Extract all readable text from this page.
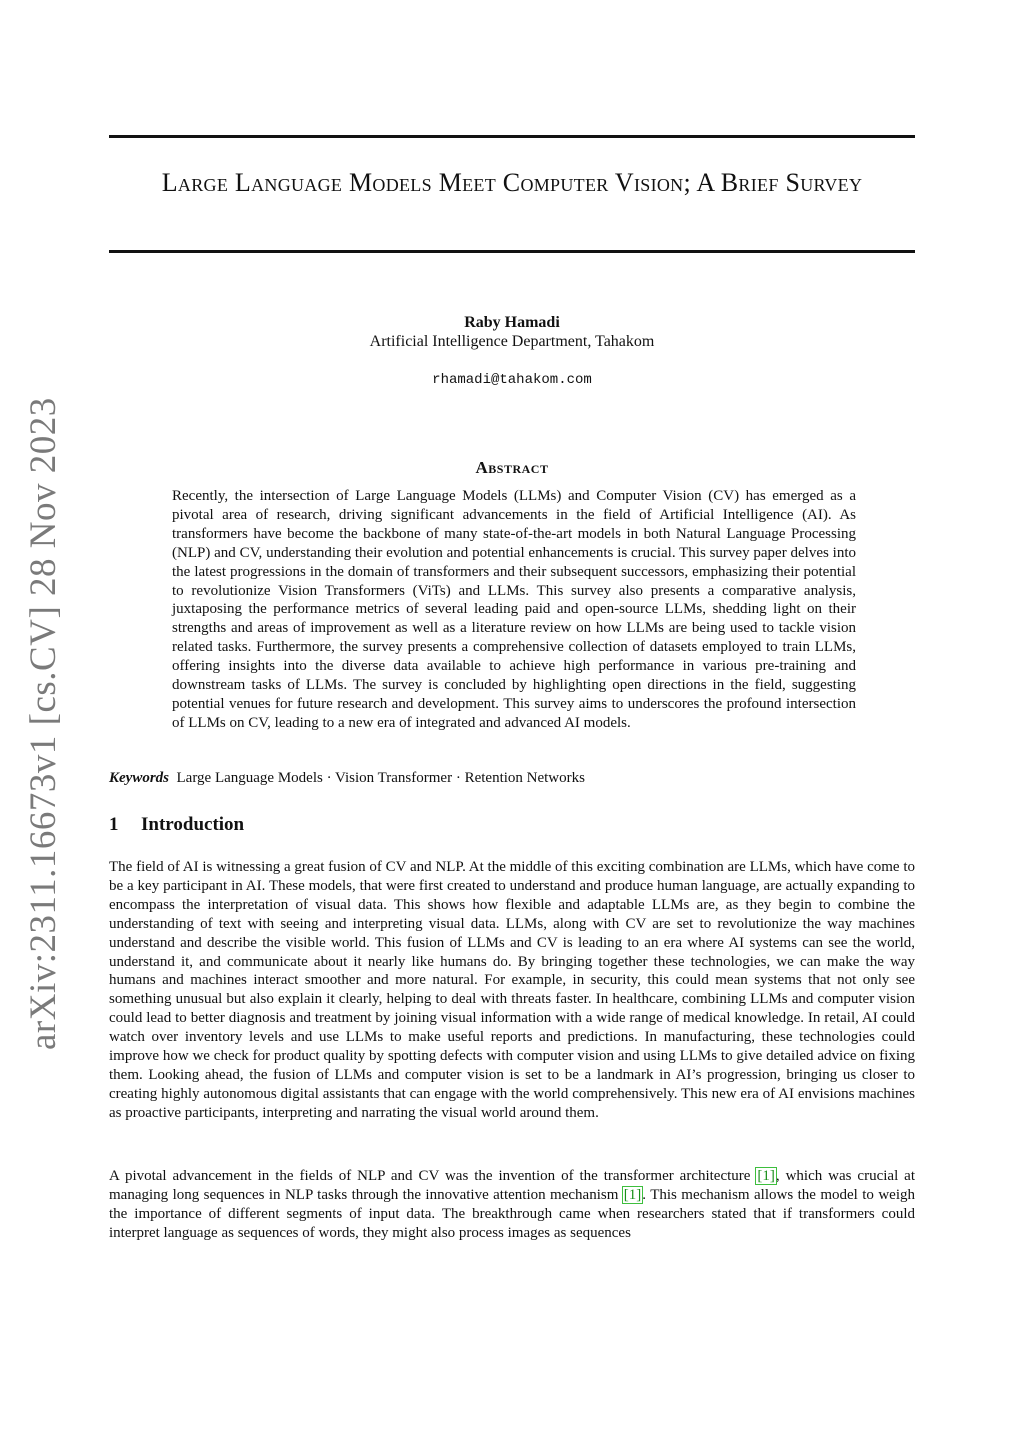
Large Language Models Meet Computer Vision; A Brief Survey
Raby Hamadi
Artificial Intelligence Department, Tahakom
rhamadi@tahakom.com
Abstract

Recently, the intersection of Large Language Models (LLMs) and Computer Vision (CV) has emerged as a pivotal area of research, driving significant advancements in the field of Artificial Intelligence (AI). As transformers have become the backbone of many state-of-the-art models in both Natural Language Processing (NLP) and CV, understanding their evolution and potential enhancements is crucial. This survey paper delves into the latest progressions in the domain of transformers and their subsequent successors, emphasizing their potential to revolutionize Vision Transformers (ViTs) and LLMs. This survey also presents a comparative analysis, juxtaposing the performance metrics of several leading paid and open-source LLMs, shedding light on their strengths and areas of improvement as well as a literature review on how LLMs are being used to tackle vision related tasks. Furthermore, the survey presents a comprehensive collection of datasets employed to train LLMs, offering insights into the diverse data available to achieve high performance in various pre-training and downstream tasks of LLMs. The survey is concluded by highlighting open directions in the field, suggesting potential venues for future research and development. This survey aims to underscores the profound intersection of LLMs on CV, leading to a new era of integrated and advanced AI models.

Keywords Large Language Models · Vision Transformer · Retention Networks
1 Introduction

The field of AI is witnessing a great fusion of CV and NLP. At the middle of this exciting combination are LLMs, which have come to be a key participant in AI. These models, that were first created to understand and produce human language, are actually expanding to encompass the interpretation of visual data. This shows how flexible and adaptable LLMs are, as they begin to combine the understanding of text with seeing and interpreting visual data. LLMs, along with CV are set to revolutionize the way machines understand and describe the visible world. This fusion of LLMs and CV is leading to an era where AI systems can see the world, understand it, and communicate about it nearly like humans do. By bringing together these technologies, we can make the way humans and machines interact smoother and more natural. For example, in security, this could mean systems that not only see something unusual but also explain it clearly, helping to deal with threats faster. In healthcare, combining LLMs and computer vision could lead to better diagnosis and treatment by joining visual information with a wide range of medical knowledge. In retail, AI could watch over inventory levels and use LLMs to make useful reports and predictions. In manufacturing, these technologies could improve how we check for product quality by spotting defects with computer vision and using LLMs to give detailed advice on fixing them. Looking ahead, the fusion of LLMs and computer vision is set to be a landmark in AI’s progression, bringing us closer to creating highly autonomous digital assistants that can engage with the world comprehensively. This new era of AI envisions machines as proactive participants, interpreting and narrating the visual world around them.

A pivotal advancement in the fields of NLP and CV was the invention of the transformer architecture [1], which was crucial at managing long sequences in NLP tasks through the innovative attention mechanism [1]. This mechanism allows the model to weigh the importance of different segments of input data. The breakthrough came when researchers stated that if transformers could interpret language as sequences of words, they might also process images as sequences

arXiv:2311.16673v1 [cs.CV] 28 Nov 2023
